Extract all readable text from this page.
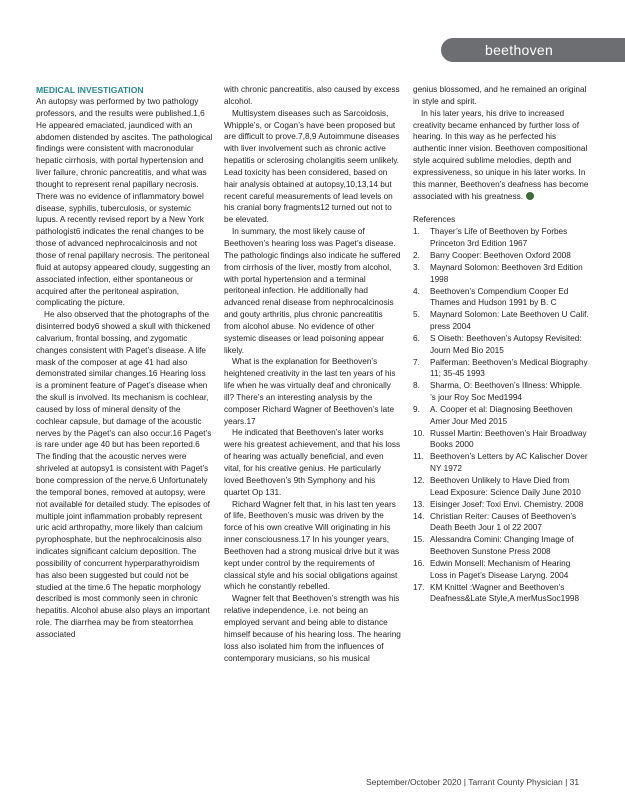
beethoven

MEDICAL INVESTIGATION

An autopsy was performed by two pathology professors, and the results were published.1,6 He appeared emaciated, jaundiced with an abdomen distended by ascites. The pathological findings were consistent with macronodular hepatic cirrhosis, with portal hypertension and liver failure, chronic pancreatitis, and what was thought to represent renal papillary necrosis. There was no evidence of inflammatory bowel disease, syphilis, tuberculosis, or systemic lupus. A recently revised report by a New York pathologist6 indicates the renal changes to be those of advanced nephrocalcinosis and not those of renal papillary necrosis. The peritoneal fluid at autopsy appeared cloudy, suggesting an associated infection, either spontaneous or acquired after the peritoneal aspiration, complicating the picture.

He also observed that the photographs of the disinterred body6 showed a skull with thickened calvarium, frontal bossing, and zygomatic changes consistent with Paget’s disease. A life mask of the composer at age 41 had also demonstrated similar changes.16 Hearing loss is a prominent feature of Paget’s disease when the skull is involved. Its mechanism is cochlear, caused by loss of mineral density of the cochlear capsule, but damage of the acoustic nerves by the Paget’s can also occur.16 Paget’s is rare under age 40 but has been reported.6 The finding that the acoustic nerves were shriveled at autopsy1 is consistent with Paget’s bone compression of the nerve.6 Unfortunately the temporal bones, removed at autopsy, were not available for detailed study. The episodes of multiple joint inflammation probably represent uric acid arthropathy, more likely than calcium pyrophosphate, but the nephrocalcinosis also indicates significant calcium deposition. The possibility of concurrent hyperparathyroidism has also been suggested but could not be studied at the time.6 The hepatic morphology described is most commonly seen in chronic hepatitis. Alcohol abuse also plays an important role. The diarrhea may be from steatorrhea associated

with chronic pancreatitis, also caused by excess alcohol.

Multisystem diseases such as Sarcoidosis, Whipple’s, or Cogan’s have been proposed but are difficult to prove.7,8,9 Autoimmune diseases with liver involvement such as chronic active hepatitis or sclerosing cholangitis seem unlikely. Lead toxicity has been considered, based on hair analysis obtained at autopsy,10,13,14 but recent careful measurements of lead levels on his cranial bony fragments12 turned out not to be elevated.

In summary, the most likely cause of Beethoven’s hearing loss was Paget’s disease. The pathologic findings also indicate he suffered from cirrhosis of the liver, mostly from alcohol, with portal hypertension and a terminal peritoneal infection. He additionally had advanced renal disease from nephrocalcinosis and gouty arthritis, plus chronic pancreatitis from alcohol abuse. No evidence of other systemic diseases or lead poisoning appear likely.

What is the explanation for Beethoven’s heightened creativity in the last ten years of his life when he was virtually deaf and chronically ill? There’s an interesting analysis by the composer Richard Wagner of Beethoven’s late years.17

He indicated that Beethoven’s later works were his greatest achievement, and that his loss of hearing was actually beneficial, and even vital, for his creative genius. He particularly loved Beethoven’s 9th Symphony and his quartet Op 131.

Richard Wagner felt that, in his last ten years of life, Beethoven’s music was driven by the force of his own creative Will originating in his inner consciousness.17 In his younger years, Beethoven had a strong musical drive but it was kept under control by the requirements of classical style and his social obligations against which he constantly rebelled.

Wagner felt that Beethoven’s strength was his relative independence, i.e. not being an employed servant and being able to distance himself because of his hearing loss. The hearing loss also isolated him from the influences of contemporary musicians, so his musical

genius blossomed, and he remained an original in style and spirit.

In his later years, his drive to increased creativity became enhanced by further loss of hearing. In this way as he perfected his authentic inner vision. Beethoven compositional style acquired sublime melodies, depth and expressiveness, so unique in his later works. In this manner, Beethoven’s deafness has become associated with his greatness.

References

1. Thayer’s Life of Beethoven by Forbes Princeton 3rd Edition 1967
2. Barry Cooper: Beethoven Oxford 2008
3. Maynard Solomon: Beethoven 3rd Edition 1998
4. Beethoven’s Compendium Cooper Ed Thames and Hudson 1991 by B. C
5. Maynard Solomon: Late Beethoven U Calif. press 2004
6. S Oiseth: Beethoven’s Autopsy Revisited: Journ Med Bio 2015
7. Palferman: Beethoven’s Medical Biography 11; 35-45 1993
8. Sharma, O: Beethoven’s Illness: Whipple. ’s jour Roy Soc Med1994
9. A. Cooper et al: Diagnosing Beethoven Amer Jour Med 2015
10. Russel Martin: Beethoven’s Hair Broadway Books 2000
11. Beethoven’s Letters by AC Kalischer Dover NY 1972
12. Beethoven Unlikely to Have Died from Lead Exposure: Science Daily June 2010
13. Eisinger Josef: Toxi Envi. Chemistry. 2008
14. Christian Reiter: Causes of Beethoven’s Death Beeth Jour 1 ol 22 2007
15. Alessandra Comini: Changing Image of Beethoven Sunstone Press 2008
16. Edwin Monsell: Mechanism of Hearing Loss in Paget’s Disease Laryng. 2004
17. KM Knittel :Wagner and Beethoven’s Deafness&Late Style,A merMusSoc1998
September/October 2020 | Tarrant County Physician | 31
